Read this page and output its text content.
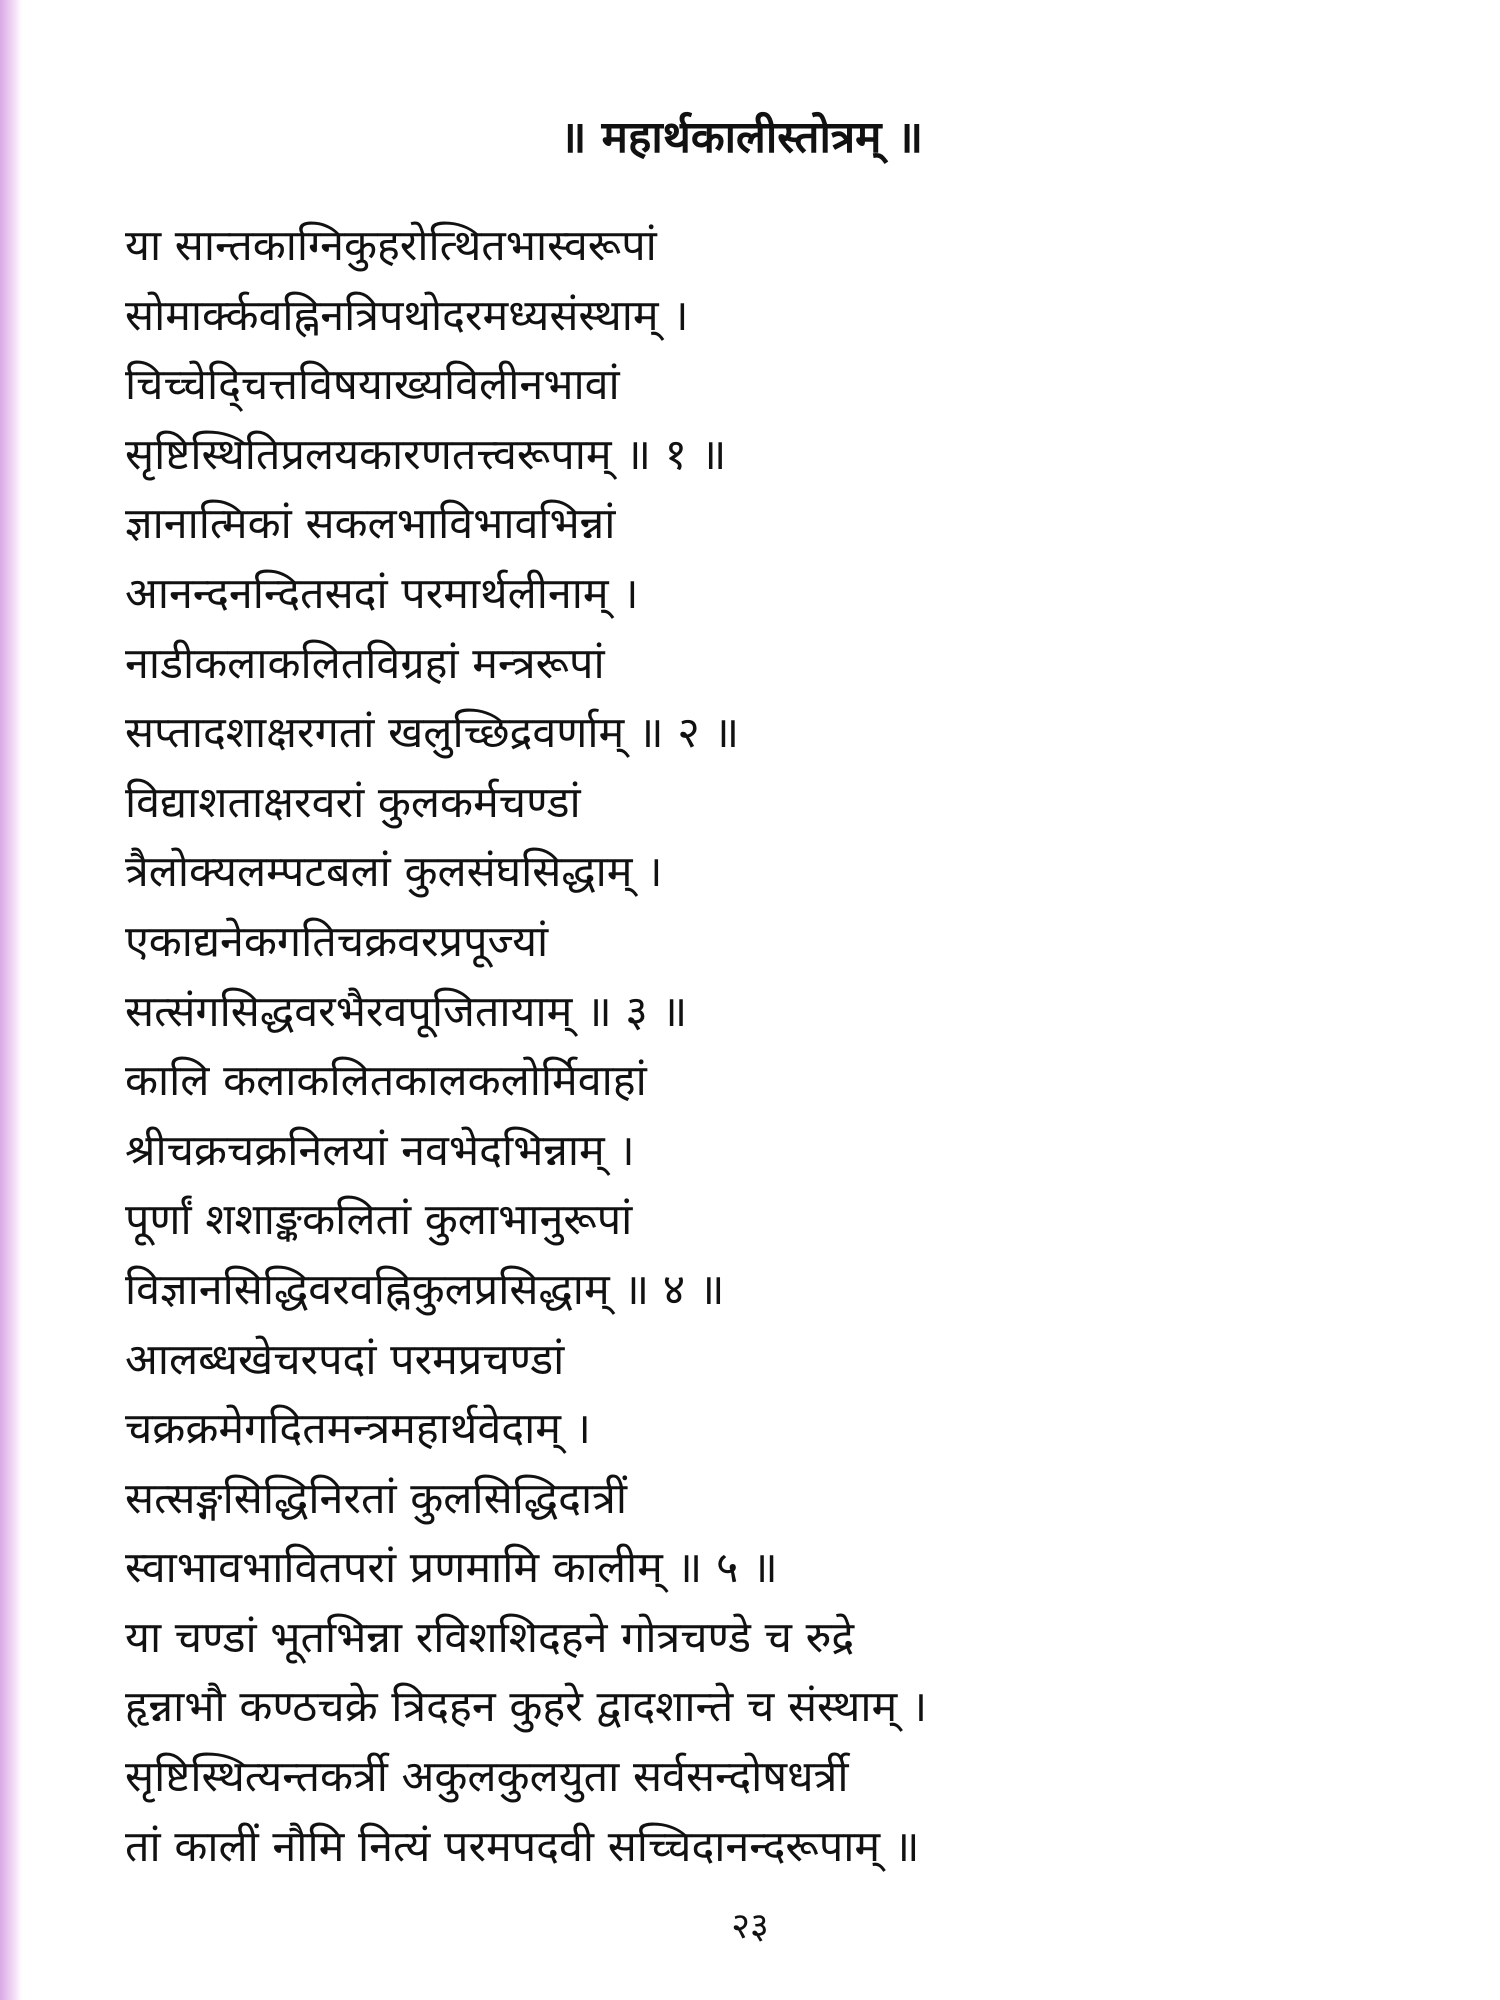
॥ महार्थकालीस्तोत्रम् ॥
या सान्तकाग्निकुहरोत्थितभास्वरूपां
सोमार्क्कवह्निनत्रिपथोदरमध्यसंस्थाम् ।
चिच्चेदि्चत्तविषयाख्यविलीनभावां
सृष्टिस्थितिप्रलयकारणतत्त्वरूपाम् ॥ १ ॥
ज्ञानात्मिकां सकलभाविभावभिन्नां
आनन्दनन्दितसदां परमार्थलीनाम् ।
नाडीकलाकलितविग्रहां मन्त्ररूपां
सप्तादशाक्षरगतां खलुच्छिद्रवर्णाम् ॥ २ ॥
विद्याशताक्षरवरां कुलकर्मचण्डां
त्रैलोक्यलम्पटबलां कुलसंघसिद्धाम् ।
एकाद्यनेकगतिचक्रवरप्रपूज्यां
सत्संगसिद्धवरभैरवपूजितायाम् ॥ ३ ॥
कालि कलाकलितकालकलोर्मिवाहां
श्रीचक्रचक्रनिलयां नवभेदभिन्नाम् ।
पूर्णां शशाङ्ककलितां कुलाभानुरूपां
विज्ञानसिद्धिवरवह्निकुलप्रसिद्धाम् ॥ ४ ॥
आलब्धखेचरपदां परमप्रचण्डां
चक्रक्रमेगदितमन्त्रमहार्थवेदाम् ।
सत्सङ्गसिद्धिनिरतां कुलसिद्धिदात्रीं
स्वाभावभावितपरां प्रणमामि कालीम् ॥ ५ ॥
या चण्डां भूतभिन्ना रविशशिदहने गोत्रचण्डे च रुद्रे
हृन्नाभौ कण्ठचक्रे त्रिदहन कुहरे द्वादशान्ते च संस्थाम् ।
सृष्टिस्थित्यन्तकर्त्री अकुलकुलयुता सर्वसन्दोषधर्त्री
तां कालीं नौमि नित्यं परमपदवी सच्चिदानन्दरूपाम् ॥
२३
